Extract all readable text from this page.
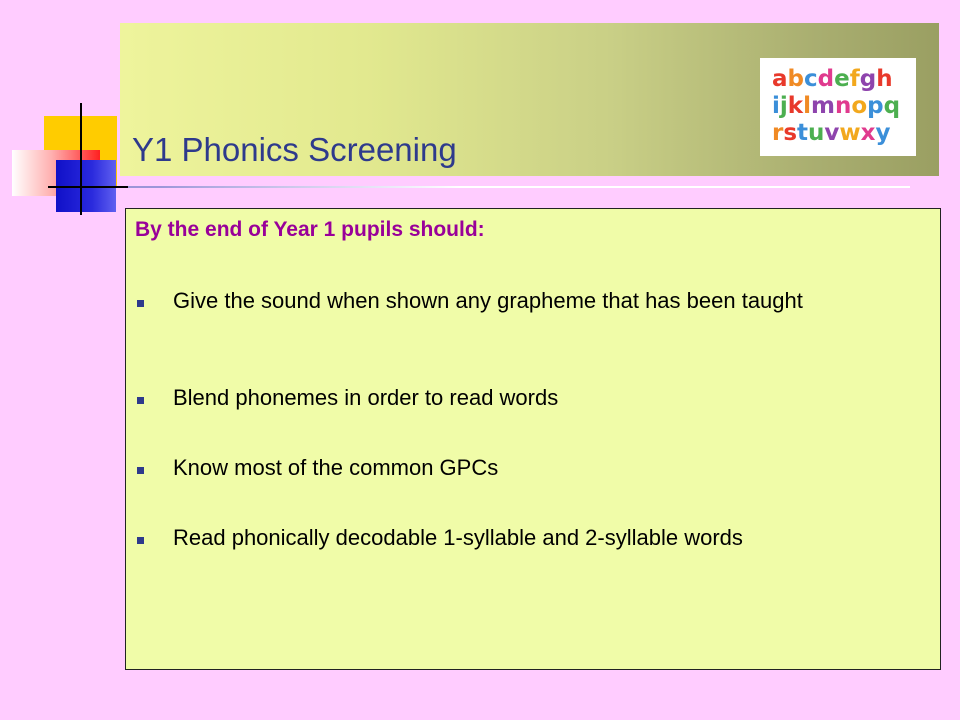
Y1 Phonics Screening
abcdefgh
ijklmnopq
rstuvwxy
By the end of Year 1 pupils should:
Give the sound when shown any grapheme that has been taught
Blend phonemes in order to read words
Know most of the common GPCs
Read phonically decodable 1-syllable and 2-syllable words
